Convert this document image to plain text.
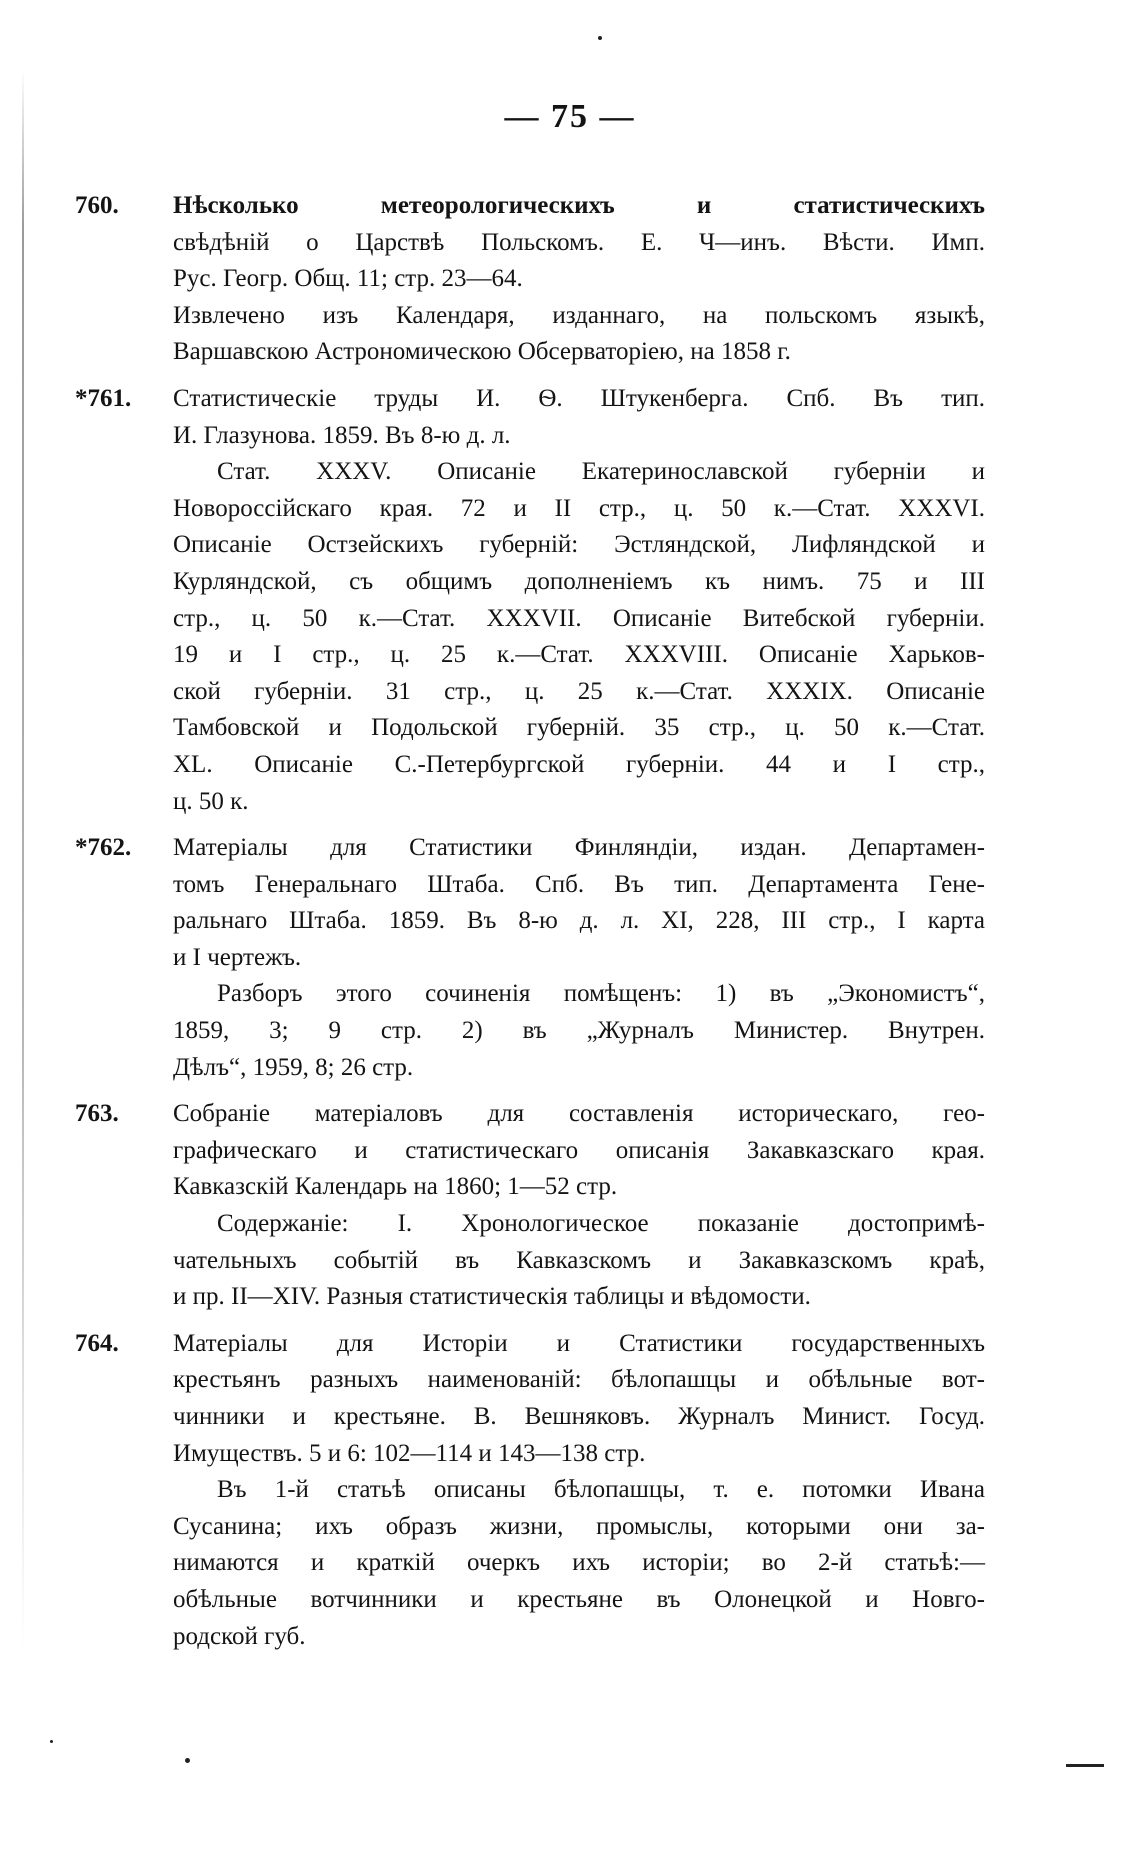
— 75 —
760. Нѣсколько метеорологическихъ и статистическихъ
свѣдѣній о Царствѣ Польскомъ. Е. Ч—инъ. Вѣсти. Имп.
Рус. Геогр. Общ. 11; стр. 23—64.
Извлечено изъ Календаря, изданнаго, на польскомъ языкѣ,
Варшавскою Астрономическою Обсерваторіею, на 1858 г.
*761. Статистическіе труды И. Ѳ. Штукенберга. Спб. Въ тип.
И. Глазунова. 1859. Въ 8-ю д. л.
Стат. XXXV. Описаніе Екатеринославской губерніи и
Новороссійскаго края. 72 и II стр., ц. 50 к.—Стат. XXXVI.
Описаніе Остзейскихъ губерній: Эстляндской, Лифляндской и
Курляндской, съ общимъ дополненіемъ къ нимъ. 75 и III
стр., ц. 50 к.—Стат. XXXVII. Описаніе Витебской губерніи.
19 и I стр., ц. 25 к.—Стат. XXXVIII. Описаніе Харьков-
ской губерніи. 31 стр., ц. 25 к.—Стат. XXXIX. Описаніе
Тамбовской и Подольской губерній. 35 стр., ц. 50 к.—Стат.
XL. Описаніе С.-Петербургской губерніи. 44 и I стр.,
ц. 50 к.
*762. Матеріалы для Статистики Финляндіи, издан. Департамен-
томъ Генеральнаго Штаба. Спб. Въ тип. Департамента Гене-
ральнаго Штаба. 1859. Въ 8-ю д. л. XI, 228, III стр., I карта
и I чертежъ.
Разборъ этого сочиненія помѣщенъ: 1) въ „Экономистъ“,
1859, 3; 9 стр. 2) въ „Журналъ Министер. Внутрен.
Дѣлъ“, 1959, 8; 26 стр.
763. Собраніе матеріаловъ для составленія историческаго, гео-
графическаго и статистическаго описанія Закавказскаго края.
Кавказскій Календарь на 1860; 1—52 стр.
Содержаніе: I. Хронологическое показаніе достопримѣ-
чательныхъ событій въ Кавказскомъ и Закавказскомъ краѣ,
и пр. II—XIV. Разныя статистическія таблицы и вѣдомости.
764. Матеріалы для Исторіи и Статистики государственныхъ
крестьянъ разныхъ наименованій: бѣлопашцы и обѣльные вот-
чинники и крестьяне. В. Вешняковъ. Журналъ Минист. Госуд.
Имуществъ. 5 и 6: 102—114 и 143—138 стр.
Въ 1-й статьѣ описаны бѣлопашцы, т. е. потомки Ивана
Сусанина; ихъ образъ жизни, промыслы, которыми они за-
нимаются и краткій очеркъ ихъ исторіи; во 2-й статьѣ:—
обѣльные вотчинники и крестьяне въ Олонецкой и Новго-
родской губ.
